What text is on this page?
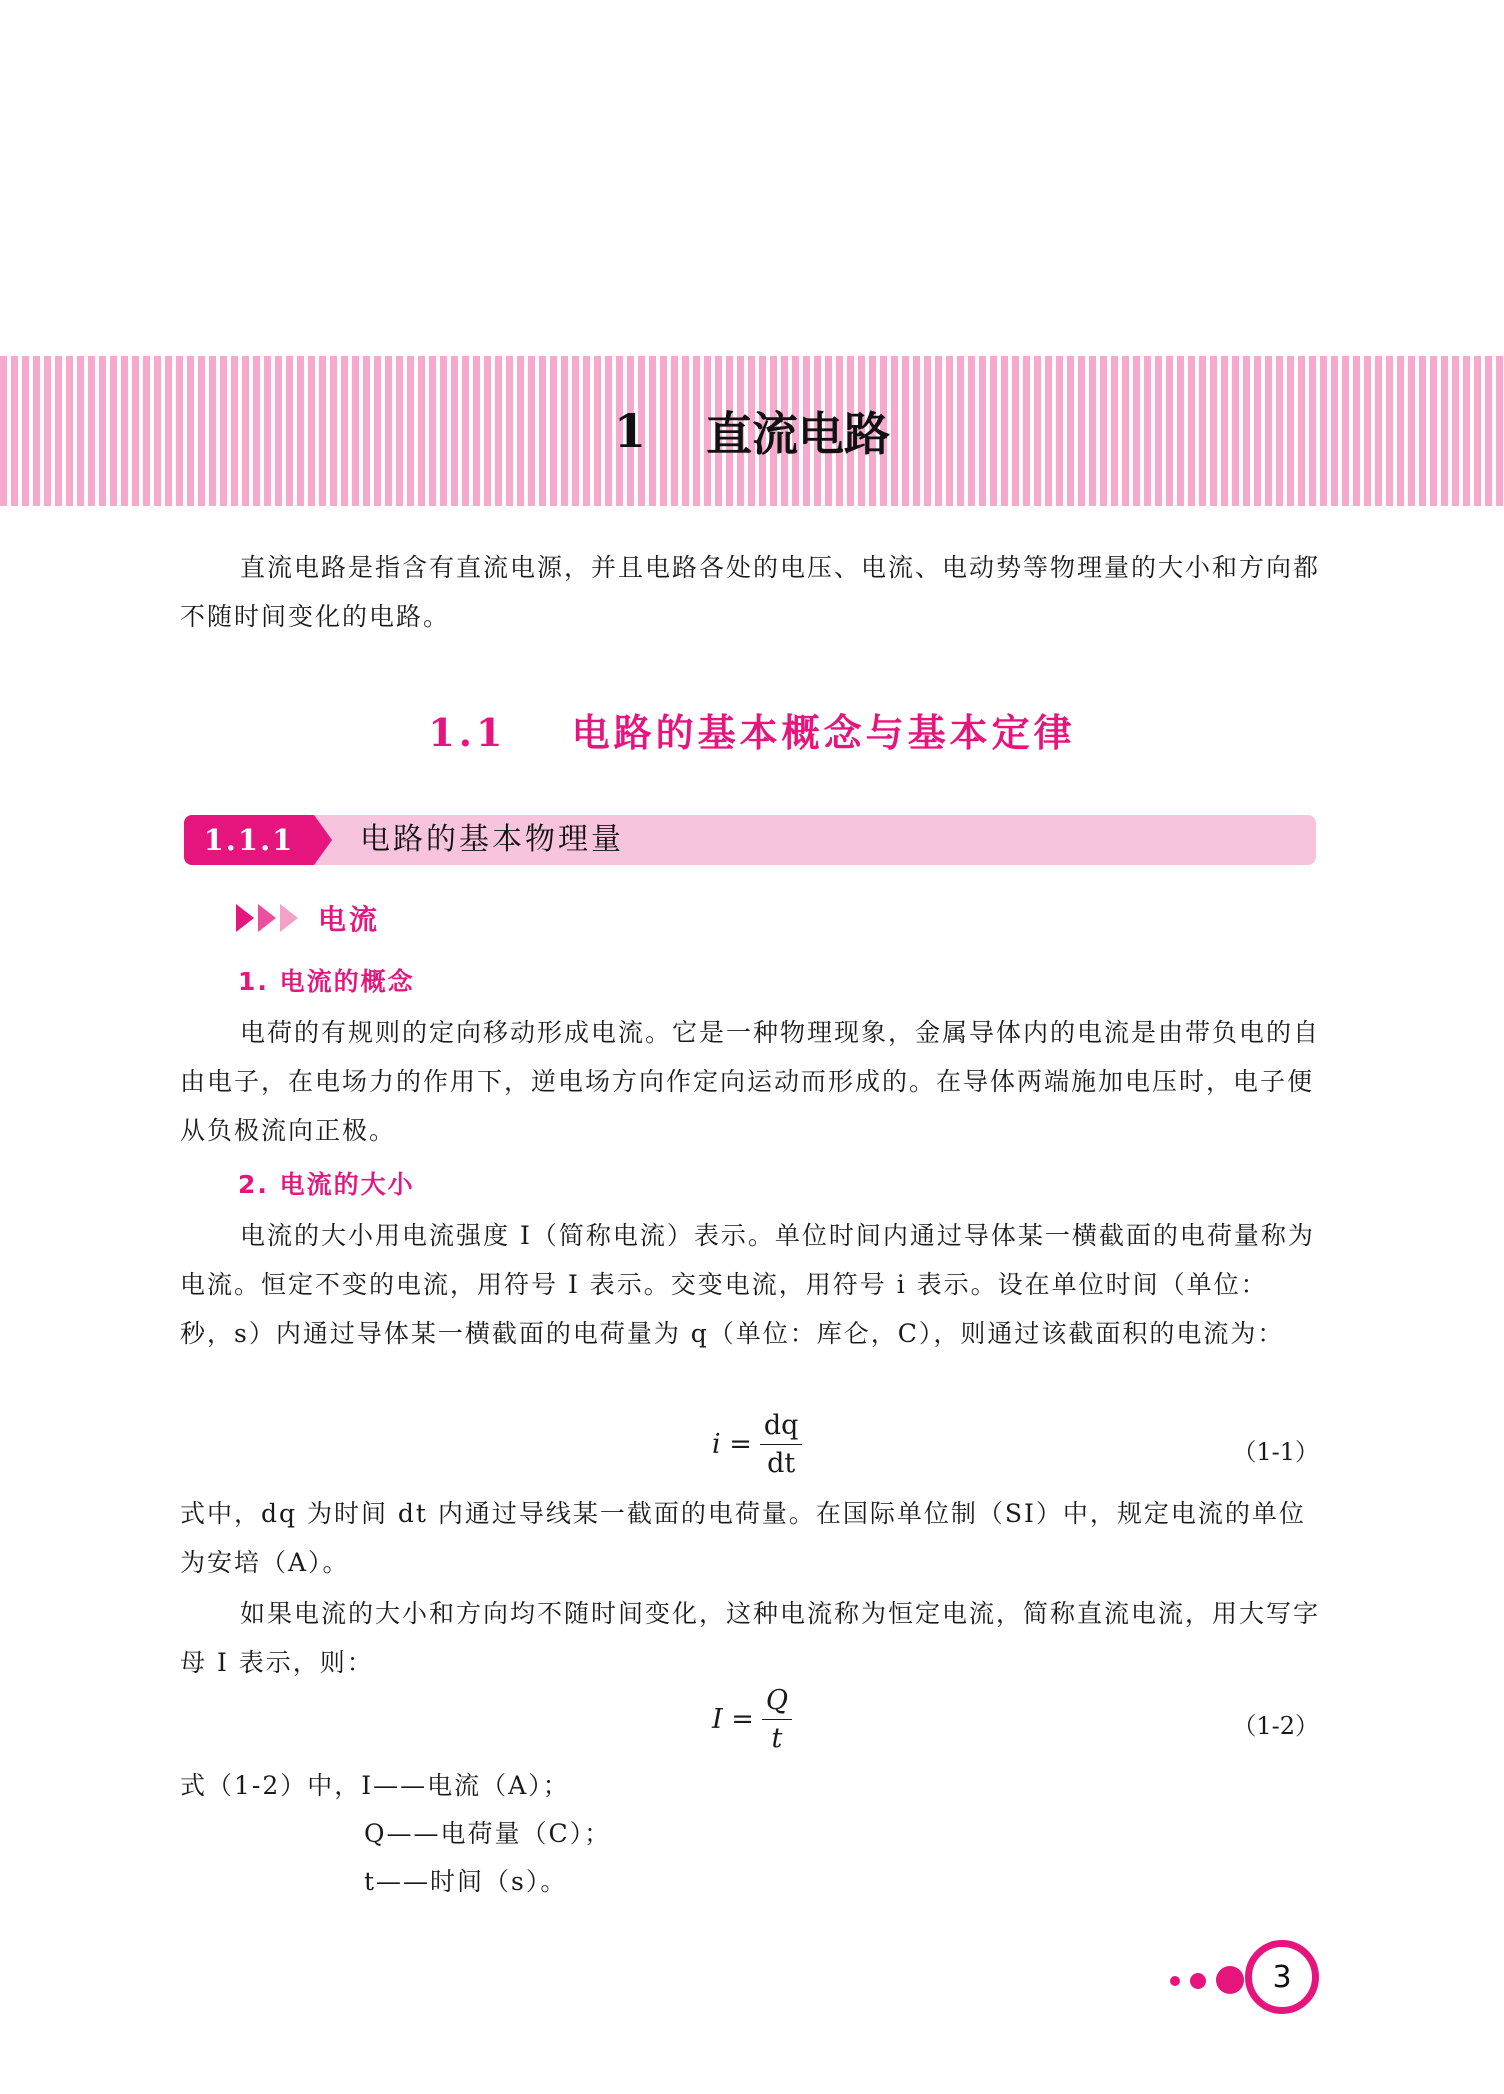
1 直流电路

直流电路是指含有直流电源，并且电路各处的电压、电流、电动势等物理量的大小和方向都不随时间变化的电路。

1.1 电路的基本概念与基本定律
1.1.1	电路的基本物理量
电流
1. 电流的概念

电荷的有规则的定向移动形成电流。它是一种物理现象，金属导体内的电流是由带负电的自由电子，在电场力的作用下，逆电场方向作定向运动而形成的。在导体两端施加电压时，电子便从负极流向正极。

2. 电流的大小

电流的大小用电流强度 I（简称电流）表示。单位时间内通过导体某一横截面的电荷量称为电流。恒定不变的电流，用符号 I 表示。交变电流，用符号 i 表示。设在单位时间（单位：秒，s）内通过导体某一横截面的电荷量为 q（单位：库仑，C），则通过该截面积的电流为：

$i = \frac{dq}{dt}$	（1-1）

式中，dq 为时间 dt 内通过导线某一截面的电荷量。在国际单位制（SI）中，规定电流的单位为安培（A）。

如果电流的大小和方向均不随时间变化，这种电流称为恒定电流，简称直流电流，用大写字母 I 表示，则：

$I = \frac{Q}{t}$	（1-2）
式（1-2）中，I——电流（A）；
Q——电荷量（C）；
t——时间（s）。
3
